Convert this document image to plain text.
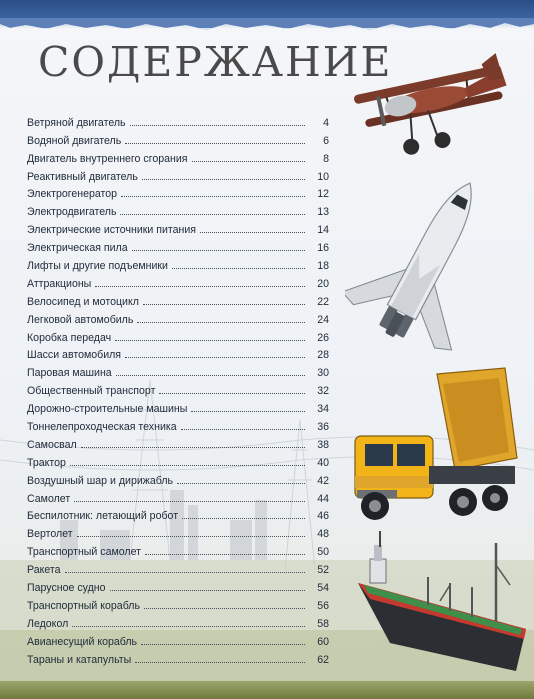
СОДЕРЖАНИЕ
Ветряной двигатель	4
Водяной двигатель	6
Двигатель внутреннего сгорания	8
Реактивный двигатель	10
Электрогенератор	12
Электродвигатель	13
Электрические источники питания	14
Электрическая пила	16
Лифты и другие подъемники	18
Аттракционы	20
Велосипед и мотоцикл	22
Легковой автомобиль	24
Коробка передач	26
Шасси автомобиля	28
Паровая машина	30
Общественный транспорт	32
Дорожно-строительные машины	34
Тоннелепроходческая техника	36
Самосвал	38
Трактор	40
Воздушный шар и дирижабль	42
Самолет	44
Беспилотник: летающий робот	46
Вертолет	48
Транспортный самолет	50
Ракета	52
Парусное судно	54
Транспортный корабль	56
Ледокол	58
Авианесущий корабль	60
Тараны и катапульты	62
